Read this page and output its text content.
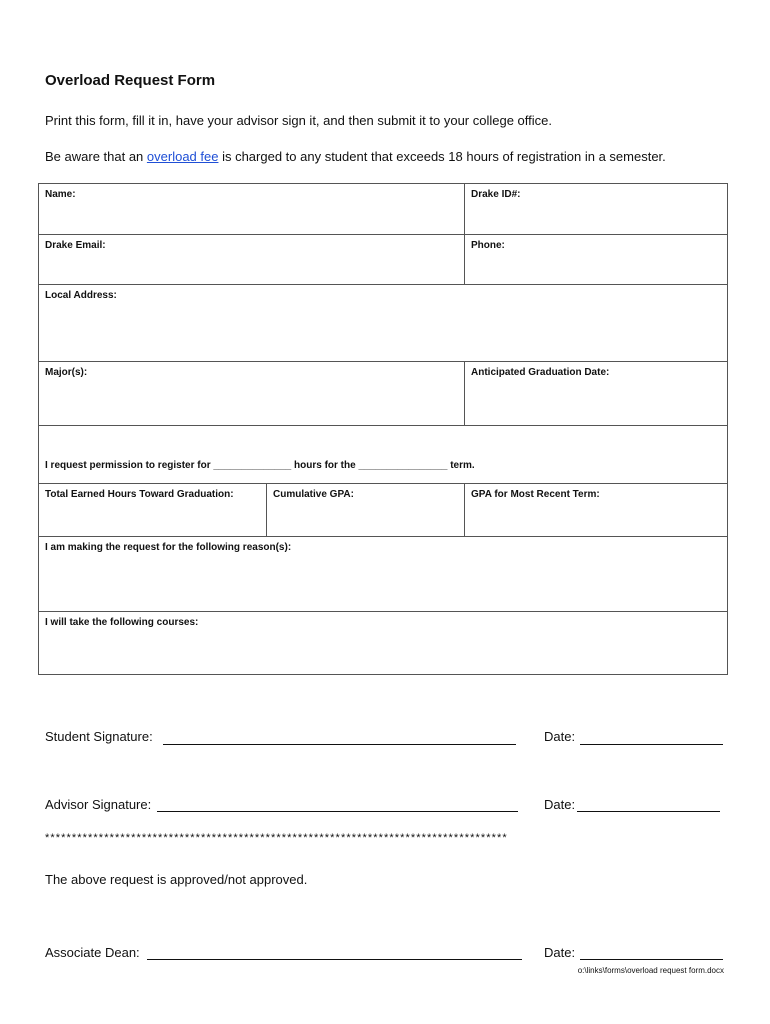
Overload Request Form
Print this form, fill it in, have your advisor sign it, and then submit it to your college office.
Be aware that an overload fee is charged to any student that exceeds 18 hours of registration in a semester.
Name:	Drake ID#:
Drake Email:	Phone:
Local Address:
Major(s):	Anticipated Graduation Date:
I request permission to register for ______________ hours for the ________________ term.
Total Earned Hours Toward Graduation:	Cumulative GPA:	GPA for Most Recent Term:
I am making the request for the following reason(s):
I will take the following courses:
Student Signature:	Date:
Advisor Signature:	Date:
**************************************************************************************
The above request is approved/not approved.
Associate Dean:	Date:
o:\links\forms\overload request form.docx
